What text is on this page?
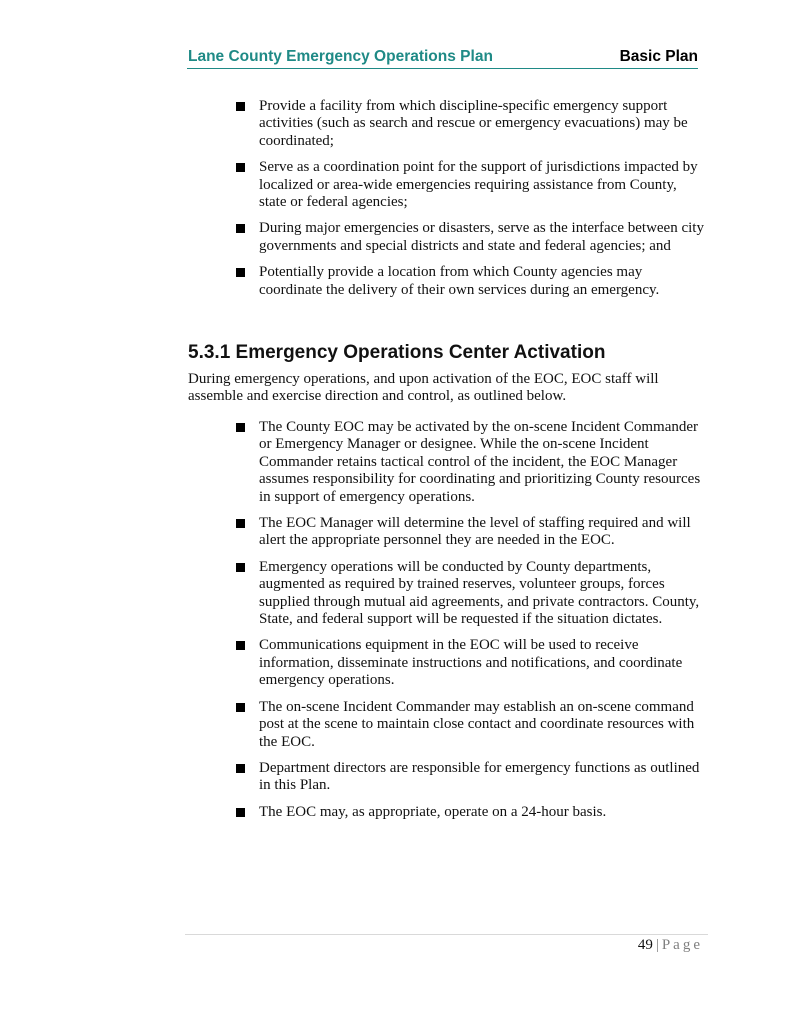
Lane County Emergency Operations Plan	Basic Plan
Provide a facility from which discipline-specific emergency support activities (such as search and rescue or emergency evacuations) may be coordinated;
Serve as a coordination point for the support of jurisdictions impacted by localized or area-wide emergencies requiring assistance from County, state or federal agencies;
During major emergencies or disasters, serve as the interface between city governments and special districts and state and federal agencies; and
Potentially provide a location from which County agencies may coordinate the delivery of their own services during an emergency.
5.3.1 Emergency Operations Center Activation
During emergency operations, and upon activation of the EOC, EOC staff will assemble and exercise direction and control, as outlined below.
The County EOC may be activated by the on-scene Incident Commander or Emergency Manager or designee. While the on-scene Incident Commander retains tactical control of the incident, the EOC Manager assumes responsibility for coordinating and prioritizing County resources in support of emergency operations.
The EOC Manager will determine the level of staffing required and will alert the appropriate personnel they are needed in the EOC.
Emergency operations will be conducted by County departments, augmented as required by trained reserves, volunteer groups, forces supplied through mutual aid agreements, and private contractors. County, State, and federal support will be requested if the situation dictates.
Communications equipment in the EOC will be used to receive information, disseminate instructions and notifications, and coordinate emergency operations.
The on-scene Incident Commander may establish an on-scene command post at the scene to maintain close contact and coordinate resources with the EOC.
Department directors are responsible for emergency functions as outlined in this Plan.
The EOC may, as appropriate, operate on a 24-hour basis.
49 | Page
